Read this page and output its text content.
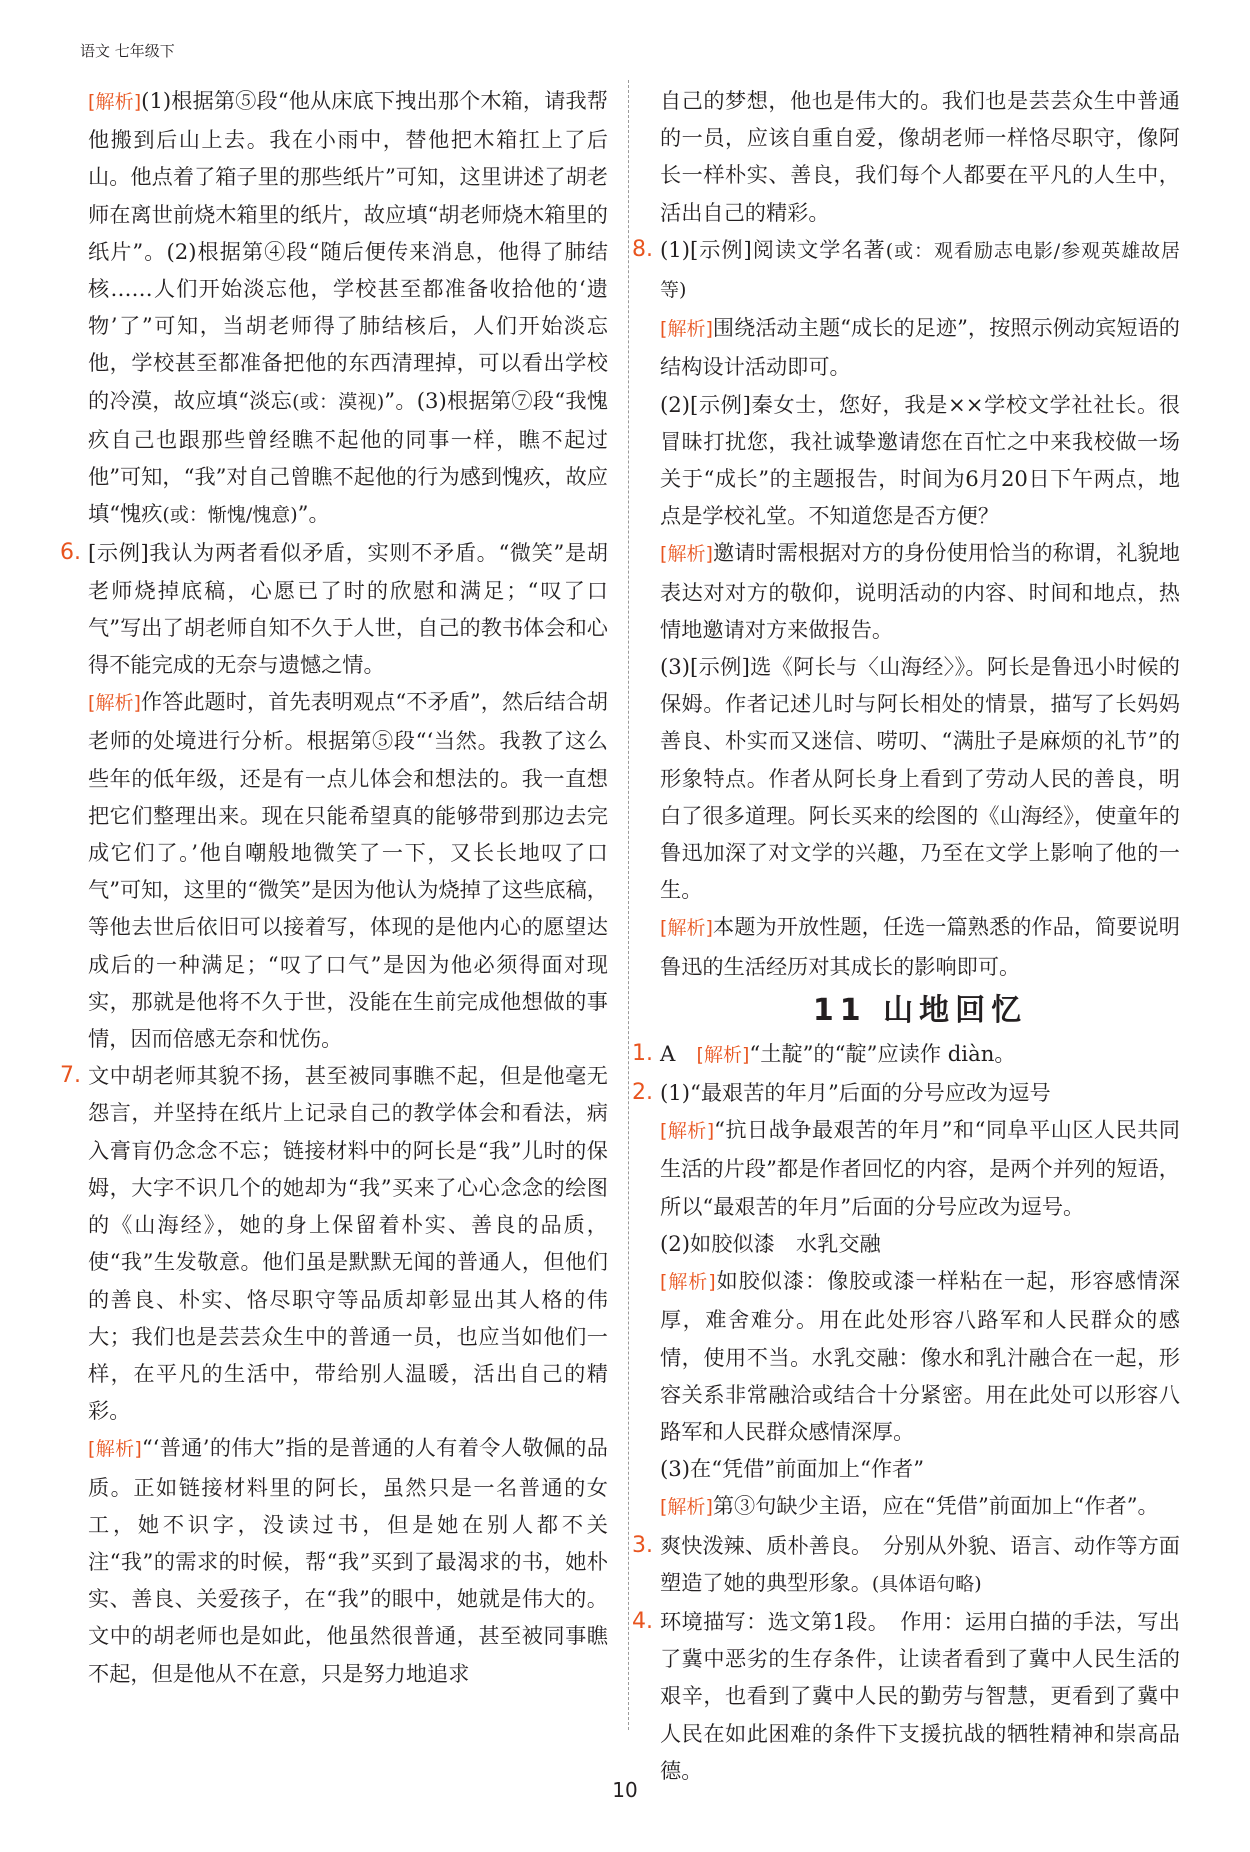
语文 七年级下

[ 解析 ] (1)根据第⑤段“他从床底下拽出那个木箱，请我帮他搬到后山上去。我在小雨中，替他把木箱扛上了后山。他点着了箱子里的那些纸片”可知，这里讲述了胡老师在离世前烧木箱里的纸片，故应填“胡老师烧木箱里的纸片”。(2)根据第④段“随后便传来消息，他得了肺结核……人们开始淡忘他，学校甚至都准备收拾他的‘遗物’了”可知，当胡老师得了肺结核后，人们开始淡忘他，学校甚至都准备把他的东西清理掉，可以看出学校的冷漠，故应填“淡忘(或：漠视)”。(3)根据第⑦段“我愧疚自己也跟那些曾经瞧不起他的同事一样，瞧不起过他”可知，“我”对自己曾瞧不起他的行为感到愧疚，故应填“愧疚(或：惭愧/愧意)”。

6. [示例]我认为两者看似矛盾，实则不矛盾。“微笑”是胡老师烧掉底稿，心愿已了时的欣慰和满足；“叹了口气”写出了胡老师自知不久于人世，自己的教书体会和心得不能完成的无奈与遗憾之情。

[ 解析 ] 作答此题时，首先表明观点“不矛盾”，然后结合胡老师的处境进行分析。根据第⑤段“‘当然。我教了这么些年的低年级，还是有一点儿体会和想法的。我一直想把它们整理出来。现在只能希望真的能够带到那边去完成它们了。’他自嘲般地微笑了一下，又长长地叹了口气”可知，这里的“微笑”是因为他认为烧掉了这些底稿，等他去世后依旧可以接着写，体现的是他内心的愿望达成后的一种满足；“叹了口气”是因为他必须得面对现实，那就是他将不久于世，没能在生前完成他想做的事情，因而倍感无奈和忧伤。

7. 文中胡老师其貌不扬，甚至被同事瞧不起，但是他毫无怨言，并坚持在纸片上记录自己的教学体会和看法，病入膏肓仍念念不忘；链接材料中的阿长是“我”儿时的保姆，大字不识几个的她却为“我”买来了心心念念的绘图的《山海经》，她的身上保留着朴实、善良的品质，使“我”生发敬意。他们虽是默默无闻的普通人，但他们的善良、朴实、恪尽职守等品质却彰显出其人格的伟大；我们也是芸芸众生中的普通一员，也应当如他们一样，在平凡的生活中，带给别人温暖，活出自己的精彩。

[ 解析 ] “‘普通’的伟大”指的是普通的人有着令人敬佩的品质。正如链接材料里的阿长，虽然只是一名普通的女工，她不识字，没读过书，但是她在别人都不关注“我”的需求的时候，帮“我”买到了最渴求的书，她朴实、善良、关爱孩子，在“我”的眼中，她就是伟大的。文中的胡老师也是如此，他虽然很普通，甚至被同事瞧不起，但是他从不在意，只是努力地追求

自己的梦想，他也是伟大的。我们也是芸芸众生中普通的一员，应该自重自爱，像胡老师一样恪尽职守，像阿长一样朴实、善良，我们每个人都要在平凡的人生中，活出自己的精彩。

8. (1)[示例]阅读文学名著(或：观看励志电影/参观英雄故居等)

[ 解析 ] 围绕活动主题“成长的足迹”，按照示例动宾短语的结构设计活动即可。

(2)[示例]秦女士，您好，我是××学校文学社社长。很冒昧打扰您，我社诚挚邀请您在百忙之中来我校做一场关于“成长”的主题报告，时间为6月20日下午两点，地点是学校礼堂。不知道您是否方便？

[ 解析 ] 邀请时需根据对方的身份使用恰当的称谓，礼貌地表达对对方的敬仰，说明活动的内容、时间和地点，热情地邀请对方来做报告。

(3)[示例]选《阿长与〈山海经〉》。阿长是鲁迅小时候的保姆。作者记述儿时与阿长相处的情景，描写了长妈妈善良、朴实而又迷信、唠叨、“满肚子是麻烦的礼节”的形象特点。作者从阿长身上看到了劳动人民的善良，明白了很多道理。阿长买来的绘图的《山海经》，使童年的鲁迅加深了对文学的兴趣，乃至在文学上影响了他的一生。

[ 解析 ] 本题为开放性题，任选一篇熟悉的作品，简要说明鲁迅的生活经历对其成长的影响即可。

11 山地回忆

1. A　[ 解析 ] “土靛”的“靛”应读作 diàn。

2. (1)“最艰苦的年月”后面的分号应改为逗号

[ 解析 ] “抗日战争最艰苦的年月”和“同阜平山区人民共同生活的片段”都是作者回忆的内容，是两个并列的短语，所以“最艰苦的年月”后面的分号应改为逗号。

(2)如胶似漆　水乳交融

[ 解析 ] 如胶似漆：像胶或漆一样粘在一起，形容感情深厚，难舍难分。用在此处形容八路军和人民群众的感情，使用不当。水乳交融：像水和乳汁融合在一起，形容关系非常融洽或结合十分紧密。用在此处可以形容八路军和人民群众感情深厚。

(3)在“凭借”前面加上“作者”

[ 解析 ] 第③句缺少主语，应在“凭借”前面加上“作者”。

3. 爽快泼辣、质朴善良。　分别从外貌、语言、动作等方面塑造了她的典型形象。(具体语句略)

4. 环境描写：选文第1段。　作用：运用白描的手法，写出了冀中恶劣的生存条件，让读者看到了冀中人民生活的艰辛，也看到了冀中人民的勤劳与智慧，更看到了冀中人民在如此困难的条件下支援抗战的牺牲精神和崇高品德。

10
